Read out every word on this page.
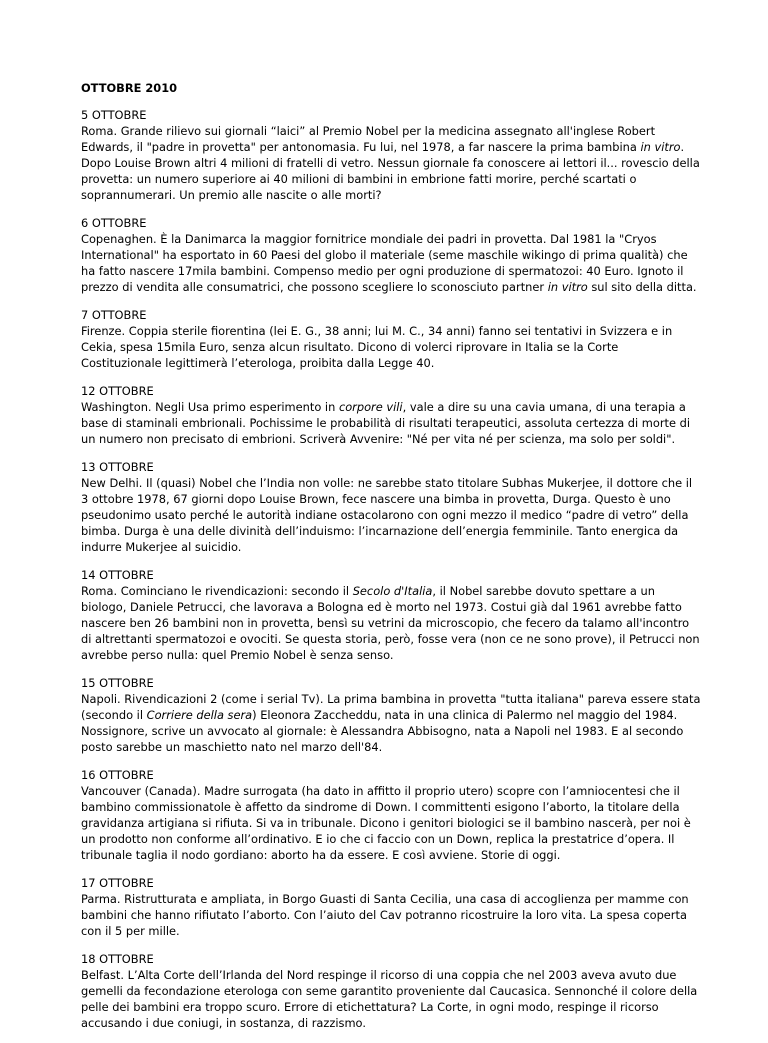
OTTOBRE 2010
5 OTTOBRE
Roma. Grande rilievo sui giornali “laici” al Premio Nobel per la medicina assegnato all'inglese Robert Edwards, il "padre in provetta" per antonomasia. Fu lui, nel 1978, a far nascere la prima bambina in vitro. Dopo Louise Brown altri 4 milioni di fratelli di vetro. Nessun giornale fa conoscere ai lettori il... rovescio della provetta: un numero superiore ai 40 milioni di bambini in embrione fatti morire, perché scartati o soprannumerari. Un premio alle nascite o alle morti?
6 OTTOBRE
Copenaghen. È la Danimarca la maggior fornitrice mondiale dei padri in provetta. Dal 1981 la "Cryos International" ha esportato in 60 Paesi del globo il materiale (seme maschile wikingo di prima qualità) che ha fatto nascere 17mila bambini. Compenso medio per ogni produzione di spermatozoi: 40 Euro. Ignoto il prezzo di vendita alle consumatrici, che possono scegliere lo sconosciuto partner in vitro sul sito della ditta.
7 OTTOBRE
Firenze. Coppia sterile fiorentina (lei E. G., 38 anni; lui M. C., 34 anni) fanno sei tentativi in Svizzera e in Cekia, spesa 15mila Euro, senza alcun risultato. Dicono di volerci riprovare in Italia se la Corte Costituzionale legittimerà l’eterologa, proibita dalla Legge 40.
12 OTTOBRE
Washington. Negli Usa primo esperimento in corpore vili, vale a dire su una cavia umana, di una terapia a base di staminali embrionali. Pochissime le probabilità di risultati terapeutici, assoluta certezza di morte di un numero non precisato di embrioni. Scriverà Avvenire: "Né per vita né per scienza, ma solo per soldi".
13 OTTOBRE
New Delhi. Il (quasi) Nobel che l’India non volle: ne sarebbe stato titolare Subhas Mukerjee, il dottore che il 3 ottobre 1978, 67 giorni dopo Louise Brown, fece nascere una bimba in provetta, Durga. Questo è uno pseudonimo usato perché le autorità indiane ostacolarono con ogni mezzo il medico “padre di vetro” della bimba. Durga è una delle divinità dell’induismo: l’incarnazione dell’energia femminile. Tanto energica da indurre Mukerjee al suicidio.
14 OTTOBRE
Roma. Cominciano le rivendicazioni: secondo il Secolo d'Italia, il Nobel sarebbe dovuto spettare a un biologo, Daniele Petrucci, che lavorava a Bologna ed è morto nel 1973. Costui già dal 1961 avrebbe fatto nascere ben 26 bambini non in provetta, bensì su vetrini da microscopio, che fecero da talamo all'incontro di altrettanti spermatozoi e ovociti. Se questa storia, però, fosse vera (non ce ne sono prove), il Petrucci non avrebbe perso nulla: quel Premio Nobel è senza senso.
15 OTTOBRE
Napoli. Rivendicazioni 2 (come i serial Tv). La prima bambina in provetta "tutta italiana" pareva essere stata (secondo il Corriere della sera) Eleonora Zaccheddu, nata in una clinica di Palermo nel maggio del 1984. Nossignore, scrive un avvocato al giornale: è Alessandra Abbisogno, nata a Napoli nel 1983. E al secondo posto sarebbe un maschietto nato nel marzo dell'84.
16 OTTOBRE
Vancouver (Canada). Madre surrogata (ha dato in affitto il proprio utero) scopre con l’amniocentesi che il bambino commissionatole è affetto da sindrome di Down. I committenti esigono l’aborto, la titolare della gravidanza artigiana si rifiuta. Si va in tribunale. Dicono i genitori biologici se il bambino nascerà, per noi è un prodotto non conforme all’ordinativo. E io che ci faccio con un Down, replica la prestatrice d’opera. Il tribunale taglia il nodo gordiano: aborto ha da essere. E così avviene. Storie di oggi.
17 OTTOBRE
Parma. Ristrutturata e ampliata, in Borgo Guasti di Santa Cecilia, una casa di accoglienza per mamme con bambini che hanno rifiutato l’aborto. Con l’aiuto del Cav potranno ricostruire la loro vita. La spesa coperta con il 5 per mille.
18 OTTOBRE
Belfast. L’Alta Corte dell’Irlanda del Nord respinge il ricorso di una coppia che nel 2003 aveva avuto due gemelli da fecondazione eterologa con seme garantito proveniente dal Caucasica. Sennonché il colore della pelle dei bambini era troppo scuro. Errore di etichettatura? La Corte, in ogni modo, respinge il ricorso accusando i due coniugi, in sostanza, di razzismo.
